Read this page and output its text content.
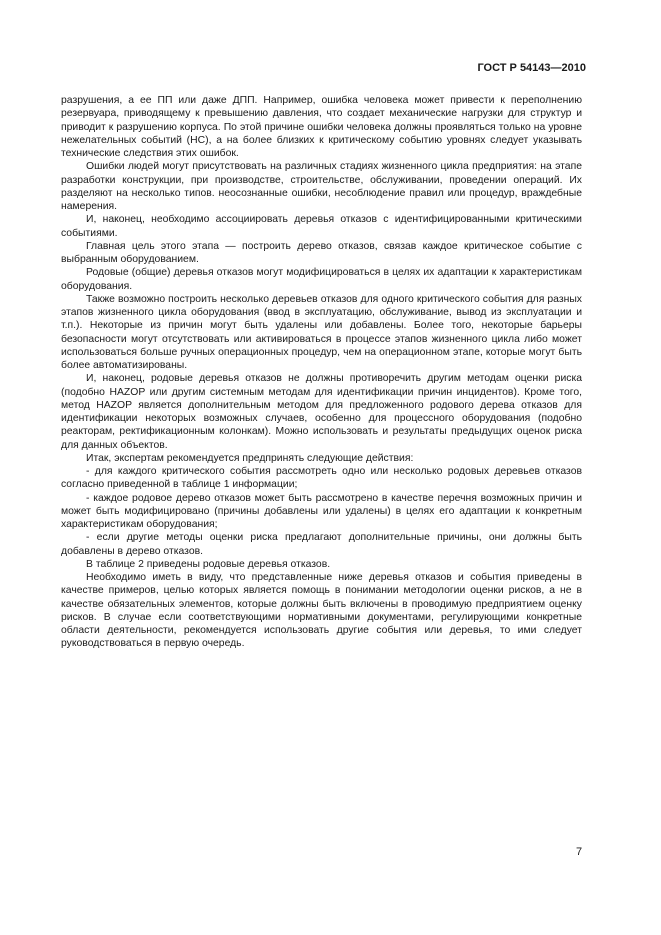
ГОСТ Р 54143—2010

разрушения, а ее ПП или даже ДПП. Например, ошибка человека может привести к переполнению резервуара, приводящему к превышению давления, что создает механические нагрузки для структур и приводит к разрушению корпуса. По этой причине ошибки человека должны проявляться только на уровне нежелательных событий (НС), а на более близких к критическому событию уровнях следует указывать технические следствия этих ошибок.

Ошибки людей могут присутствовать на различных стадиях жизненного цикла предприятия: на этапе разработки конструкции, при производстве, строительстве, обслуживании, проведении операций. Их разделяют на несколько типов. неосознанные ошибки, несоблюдение правил или процедур, враждебные намерения.

И, наконец, необходимо ассоциировать деревья отказов с идентифицированными критическими событиями.

Главная цель этого этапа — построить дерево отказов, связав каждое критическое событие с выбранным оборудованием.

Родовые (общие) деревья отказов могут модифицироваться в целях их адаптации к характеристикам оборудования.

Также возможно построить несколько деревьев отказов для одного критического события для разных этапов жизненного цикла оборудования (ввод в эксплуатацию, обслуживание, вывод из эксплуатации и т.п.). Некоторые из причин могут быть удалены или добавлены. Более того, некоторые барьеры безопасности могут отсутствовать или активироваться в процессе этапов жизненного цикла либо может использоваться больше ручных операционных процедур, чем на операционном этапе, которые могут быть более автоматизированы.

И, наконец, родовые деревья отказов не должны противоречить другим методам оценки риска (подобно HAZOP или другим системным методам для идентификации причин инцидентов). Кроме того, метод HAZOP является дополнительным методом для предложенного родового дерева отказов для идентификации некоторых возможных случаев, особенно для процессного оборудования (подобно реакторам, ректификационным колонкам). Можно использовать и результаты предыдущих оценок риска для данных объектов.

Итак, экспертам рекомендуется предпринять следующие действия:

- для каждого критического события рассмотреть одно или несколько родовых деревьев отказов согласно приведенной в таблице 1 информации;

- каждое родовое дерево отказов может быть рассмотрено в качестве перечня возможных причин и может быть модифицировано (причины добавлены или удалены) в целях его адаптации к конкретным характеристикам оборудования;

- если другие методы оценки риска предлагают дополнительные причины, они должны быть добавлены в дерево отказов.

В таблице 2 приведены родовые деревья отказов.

Необходимо иметь в виду, что представленные ниже деревья отказов и события приведены в качестве примеров, целью которых является помощь в понимании методологии оценки рисков, а не в качестве обязательных элементов, которые должны быть включены в проводимую предприятием оценку рисков. В случае если соответствующими нормативными документами, регулирующими конкретные области деятельности, рекомендуется использовать другие события или деревья, то ими следует руководствоваться в первую очередь.

7
